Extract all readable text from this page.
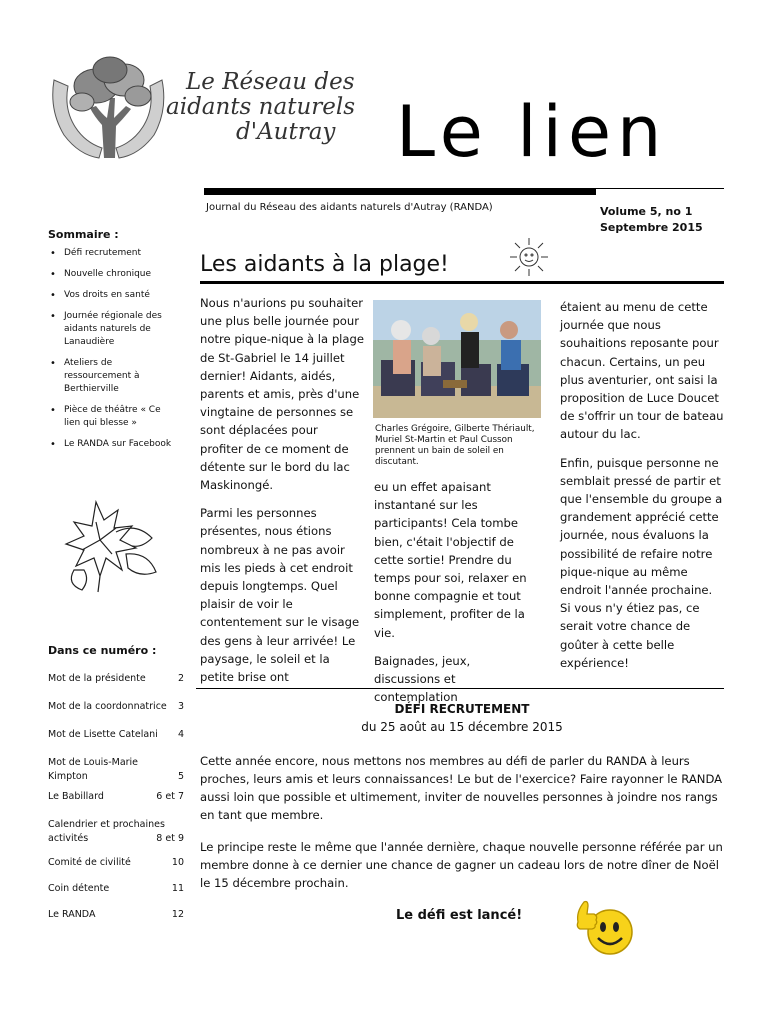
Le Réseau des
aidants naturels
d'Autray Le lien
Journal du Réseau des aidants naturels d'Autray (RANDA)	Volume 5, no 1
Septembre 2015
Sommaire :
• Défi recrutement
• Nouvelle chronique
• Vos droits en santé
• Journée régionale des aidants naturels de Lanaudière
• Ateliers de ressourcement à Berthierville
• Pièce de théâtre « Ce lien qui blesse »
• Le RANDA sur Facebook
Dans ce numéro :
Mot de la présidente	2
Mot de la coordonnatrice 3
Mot de Lisette Catelani 4
Mot de Louis-Marie Kimpton	5
Le Babillard	6 et 7
Calendrier et prochaines activités	8 et 9
Comité de civilité	10
Coin détente	11
Le RANDA	12
Les aidants à la plage!

Nous n'aurions pu souhaiter une plus belle journée pour notre pique-nique à la plage de St-Gabriel le 14 juillet dernier! Aidants, aidés, parents et amis, près d'une vingtaine de personnes se sont déplacées pour profiter de ce moment de détente sur le bord du lac Maskinongé.

Parmi les personnes présentes, nous étions nombreux à ne pas avoir mis les pieds à cet endroit depuis longtemps. Quel plaisir de voir le contentement sur le visage des gens à leur arrivée! Le paysage, le soleil et la petite brise ont

Charles Grégoire, Gilberte Thériault, Muriel St-Martin et Paul Cusson prennent un bain de soleil en discutant.

eu un effet apaisant instantané sur les participants! Cela tombe bien, c'était l'objectif de cette sortie! Prendre du temps pour soi, relaxer en bonne compagnie et tout simplement, profiter de la vie.

Baignades, jeux, discussions et contemplation

étaient au menu de cette journée que nous souhaitions reposante pour chacun. Certains, un peu plus aventurier, ont saisi la proposition de Luce Doucet de s'offrir un tour de bateau autour du lac.

Enfin, puisque personne ne semblait pressé de partir et que l'ensemble du groupe a grandement apprécié cette journée, nous évaluons la possibilité de refaire notre pique-nique au même endroit l'année prochaine. Si vous n'y étiez pas, ce serait votre chance de goûter à cette belle expérience!

DÉFI RECRUTEMENT
du 25 août au 15 décembre 2015

Cette année encore, nous mettons nos membres au défi de parler du RANDA à leurs proches, leurs amis et leurs connaissances! Le but de l'exercice? Faire rayonner le RANDA aussi loin que possible et ultimement, inviter de nouvelles personnes à joindre nos rangs en tant que membre.

Le principe reste le même que l'année dernière, chaque nouvelle personne référée par un membre donne à ce dernier une chance de gagner un cadeau lors de notre dîner de Noël le 15 décembre prochain.

Le défi est lancé!
